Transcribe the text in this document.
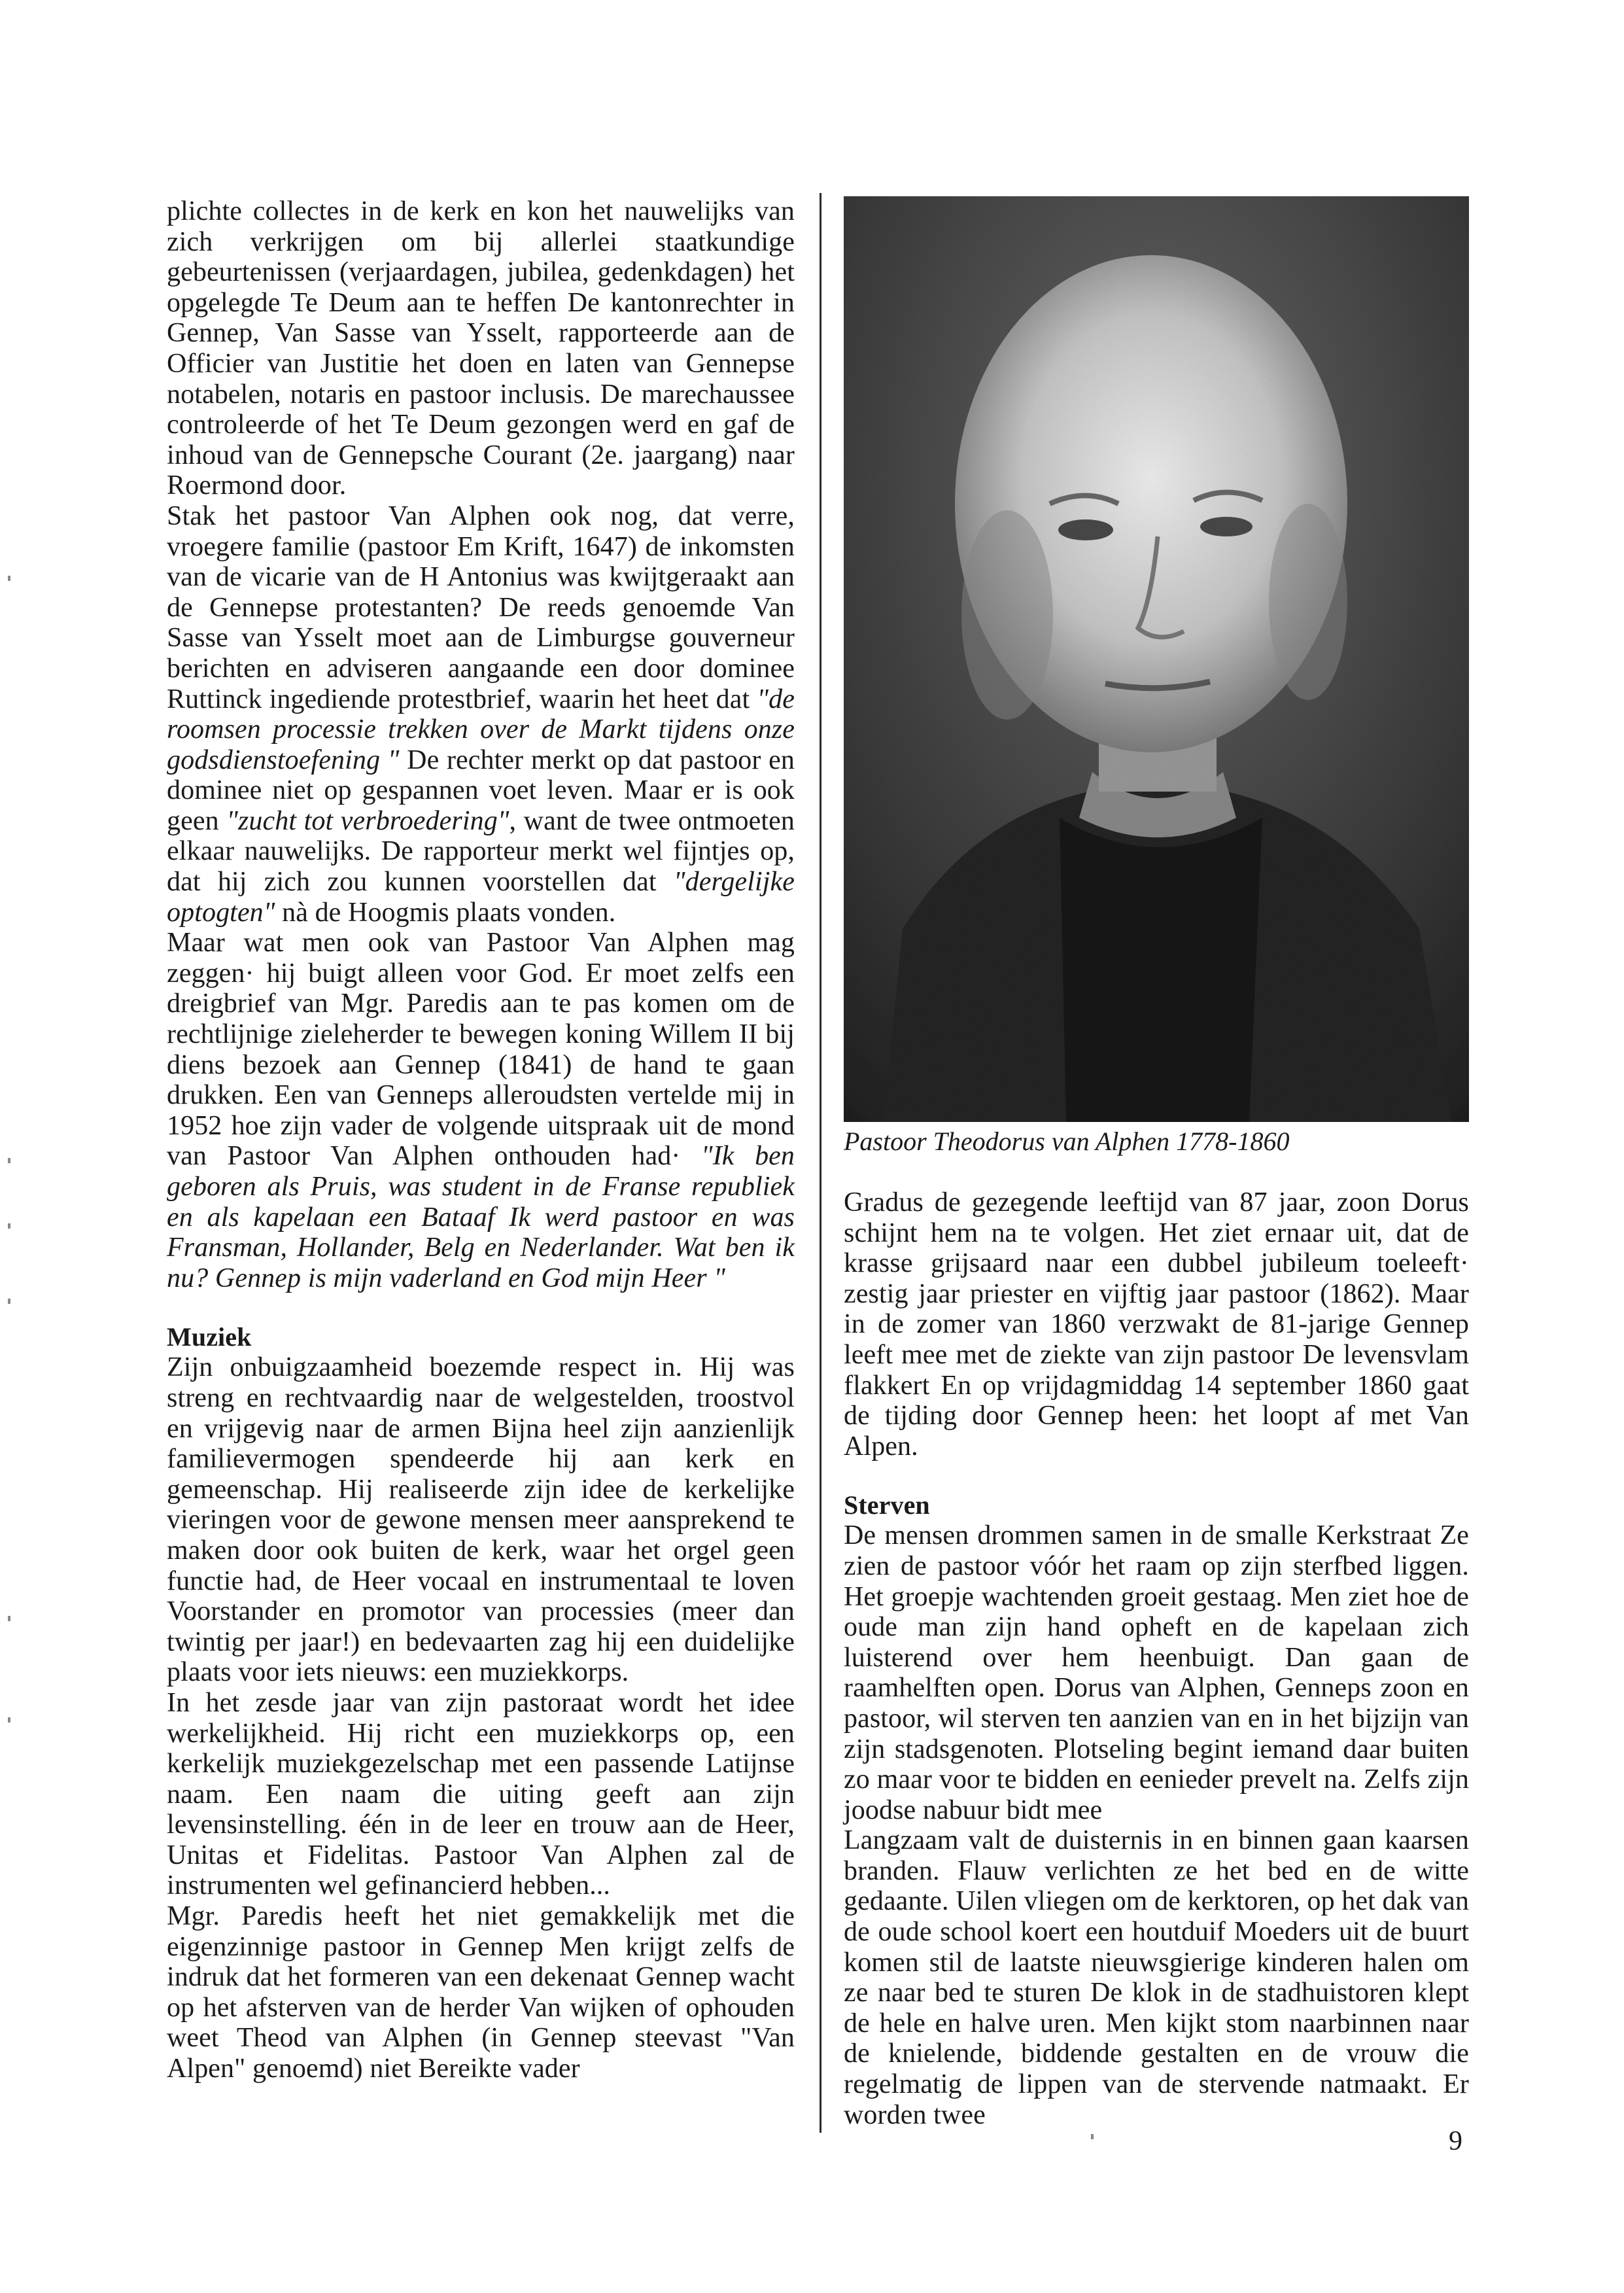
plichte collectes in de kerk en kon het nauwelijks van zich verkrijgen om bij allerlei staatkundige gebeurtenissen (verjaardagen, jubilea, gedenkdagen) het opgelegde Te Deum aan te heffen De kantonrechter in Gennep, Van Sasse van Ysselt, rapporteerde aan de Officier van Justitie het doen en laten van Gennepse notabelen, notaris en pastoor inclusis. De marechaussee controleerde of het Te Deum gezongen werd en gaf de inhoud van de Gennepsche Courant (2e. jaargang) naar Roermond door.

Stak het pastoor Van Alphen ook nog, dat verre, vroegere familie (pastoor Em Krift, 1647) de inkomsten van de vicarie van de H Antonius was kwijtgeraakt aan de Gennepse protestanten? De reeds genoemde Van Sasse van Ysselt moet aan de Limburgse gouverneur berichten en adviseren aangaande een door dominee Ruttinck ingediende protestbrief, waarin het heet dat "de roomsen processie trekken over de Markt tijdens onze godsdienstoefening " De rechter merkt op dat pastoor en dominee niet op gespannen voet leven. Maar er is ook geen "zucht tot verbroedering", want de twee ontmoeten elkaar nauwelijks. De rapporteur merkt wel fijntjes op, dat hij zich zou kunnen voorstellen dat "dergelijke optogten" nà de Hoogmis plaats vonden.

Maar wat men ook van Pastoor Van Alphen mag zeggen· hij buigt alleen voor God. Er moet zelfs een dreigbrief van Mgr. Paredis aan te pas komen om de rechtlijnige zieleherder te bewegen koning Willem II bij diens bezoek aan Gennep (1841) de hand te gaan drukken. Een van Genneps alleroudsten vertelde mij in 1952 hoe zijn vader de volgende uitspraak uit de mond van Pastoor Van Alphen onthouden had· "Ik ben geboren als Pruis, was student in de Franse republiek en als kapelaan een Bataaf Ik werd pastoor en was Fransman, Hollander, Belg en Nederlander. Wat ben ik nu? Gennep is mijn vaderland en God mijn Heer "

Muziek

Zijn onbuigzaamheid boezemde respect in. Hij was streng en rechtvaardig naar de welgestelden, troostvol en vrijgevig naar de armen Bijna heel zijn aanzienlijk familievermogen spendeerde hij aan kerk en gemeenschap. Hij realiseerde zijn idee de kerkelijke vieringen voor de gewone mensen meer aansprekend te maken door ook buiten de kerk, waar het orgel geen functie had, de Heer vocaal en instrumentaal te loven Voorstander en promotor van processies (meer dan twintig per jaar!) en bedevaarten zag hij een duidelijke plaats voor iets nieuws: een muziekkorps.

In het zesde jaar van zijn pastoraat wordt het idee werkelijkheid. Hij richt een muziekkorps op, een kerkelijk muziekgezelschap met een passende Latijnse naam. Een naam die uiting geeft aan zijn levensinstelling. één in de leer en trouw aan de Heer, Unitas et Fidelitas. Pastoor Van Alphen zal de instrumenten wel gefinancierd hebben...

Mgr. Paredis heeft het niet gemakkelijk met die eigenzinnige pastoor in Gennep Men krijgt zelfs de indruk dat het formeren van een dekenaat Gennep wacht op het afsterven van de herder Van wijken of ophouden weet Theod van Alphen (in Gennep steevast "Van Alpen" genoemd) niet Bereikte vader

Pastoor Theodorus van Alphen 1778-1860

Gradus de gezegende leeftijd van 87 jaar, zoon Dorus schijnt hem na te volgen. Het ziet ernaar uit, dat de krasse grijsaard naar een dubbel jubileum toeleeft· zestig jaar priester en vijftig jaar pastoor (1862). Maar in de zomer van 1860 verzwakt de 81-jarige Gennep leeft mee met de ziekte van zijn pastoor De levensvlam flakkert En op vrijdagmiddag 14 september 1860 gaat de tijding door Gennep heen: het loopt af met Van Alpen.

Sterven

De mensen drommen samen in de smalle Kerkstraat Ze zien de pastoor vóór het raam op zijn sterfbed liggen. Het groepje wachtenden groeit gestaag. Men ziet hoe de oude man zijn hand opheft en de kapelaan zich luisterend over hem heenbuigt. Dan gaan de raamhelften open. Dorus van Alphen, Genneps zoon en pastoor, wil sterven ten aanzien van en in het bijzijn van zijn stadsgenoten. Plotseling begint iemand daar buiten zo maar voor te bidden en eenieder prevelt na. Zelfs zijn joodse nabuur bidt mee

Langzaam valt de duisternis in en binnen gaan kaarsen branden. Flauw verlichten ze het bed en de witte gedaante. Uilen vliegen om de kerktoren, op het dak van de oude school koert een houtduif Moeders uit de buurt komen stil de laatste nieuwsgierige kinderen halen om ze naar bed te sturen De klok in de stadhuistoren klept de hele en halve uren. Men kijkt stom naarbinnen naar de knielende, biddende gestalten en de vrouw die regelmatig de lippen van de stervende natmaakt. Er worden twee

9
